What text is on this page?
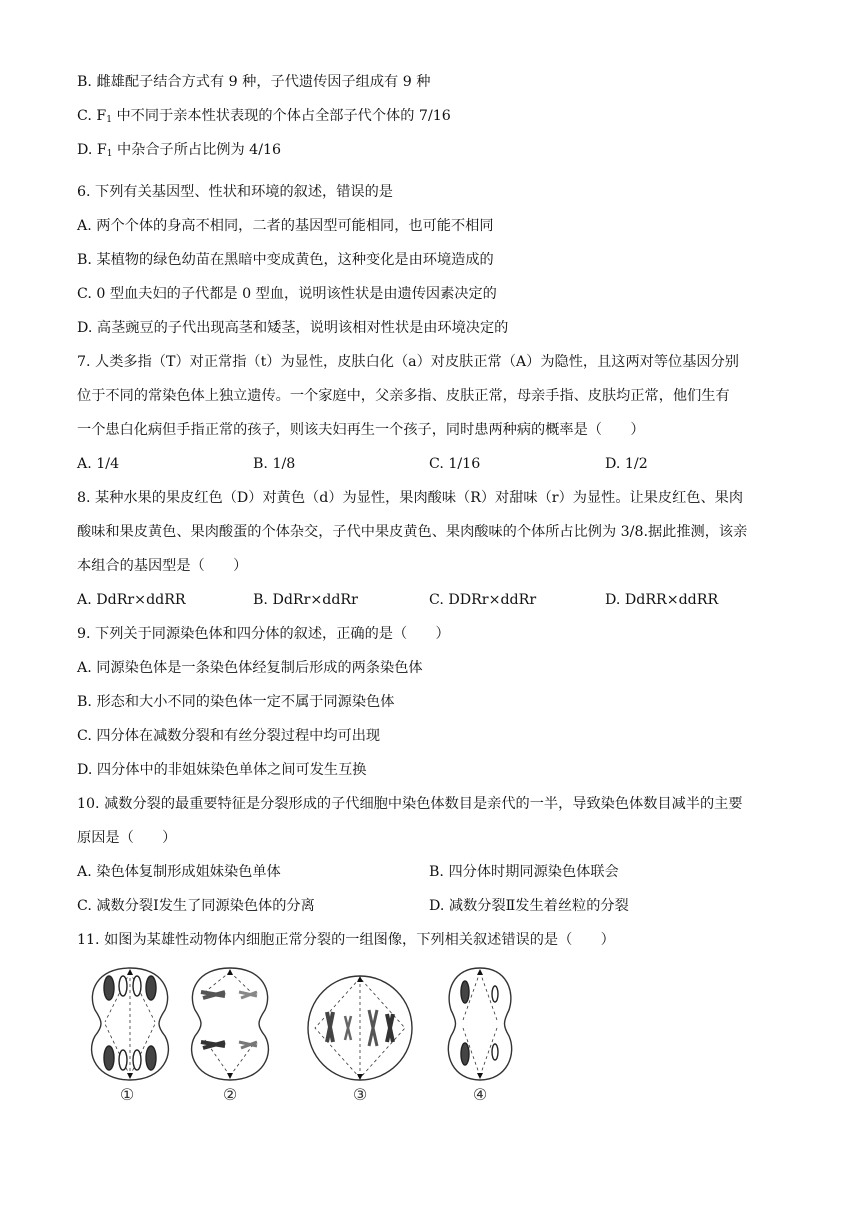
B. 雌雄配子结合方式有 9 种，子代遗传因子组成有 9 种
C. $F_1$ 中不同于亲本性状表现的个体占全部子代个体的 7/16
D. $F_1$ 中杂合子所占比例为 4/16
6. 下列有关基因型、性状和环境的叙述，错误的是
A. 两个个体的身高不相同，二者的基因型可能相同，也可能不相同
B. 某植物的绿色幼苗在黑暗中变成黄色，这种变化是由环境造成的
C. 0 型血夫妇的子代都是 0 型血，说明该性状是由遗传因素决定的
D. 高茎豌豆的子代出现高茎和矮茎，说明该相对性状是由环境决定的
7. 人类多指（T）对正常指（t）为显性，皮肤白化（a）对皮肤正常（A）为隐性，且这两对等位基因分别
位于不同的常染色体上独立遗传。一个家庭中，父亲多指、皮肤正常，母亲手指、皮肤均正常，他们生有
一个患白化病但手指正常的孩子，则该夫妇再生一个孩子，同时患两种病的概率是（　　）
A. 1/4	B. 1/8	C. 1/16	D. 1/2
8. 某种水果的果皮红色（D）对黄色（d）为显性，果肉酸味（R）对甜味（r）为显性。让果皮红色、果肉
酸味和果皮黄色、果肉酸蛋的个体杂交，子代中果皮黄色、果肉酸味的个体所占比例为 3/8.据此推测，该亲
本组合的基因型是（　　）
A. DdRr×ddRR	B. DdRr×ddRr	C. DDRr×ddRr	D. DdRR×ddRR
9. 下列关于同源染色体和四分体的叙述，正确的是（　　）
A. 同源染色体是一条染色体经复制后形成的两条染色体
B. 形态和大小不同的染色体一定不属于同源染色体
C. 四分体在减数分裂和有丝分裂过程中均可出现
D. 四分体中的非姐妹染色单体之间可发生互换
10. 减数分裂的最重要特征是分裂形成的子代细胞中染色体数目是亲代的一半，导致染色体数目减半的主要
原因是（　　）
A. 染色体复制形成姐妹染色单体	B. 四分体时期同源染色体联会
C. 减数分裂Ⅰ发生了同源染色体的分离	D. 减数分裂Ⅱ发生着丝粒的分裂
11. 如图为某雄性动物体内细胞正常分裂的一组图像，下列相关叙述错误的是（　　）
①	②	③	④
